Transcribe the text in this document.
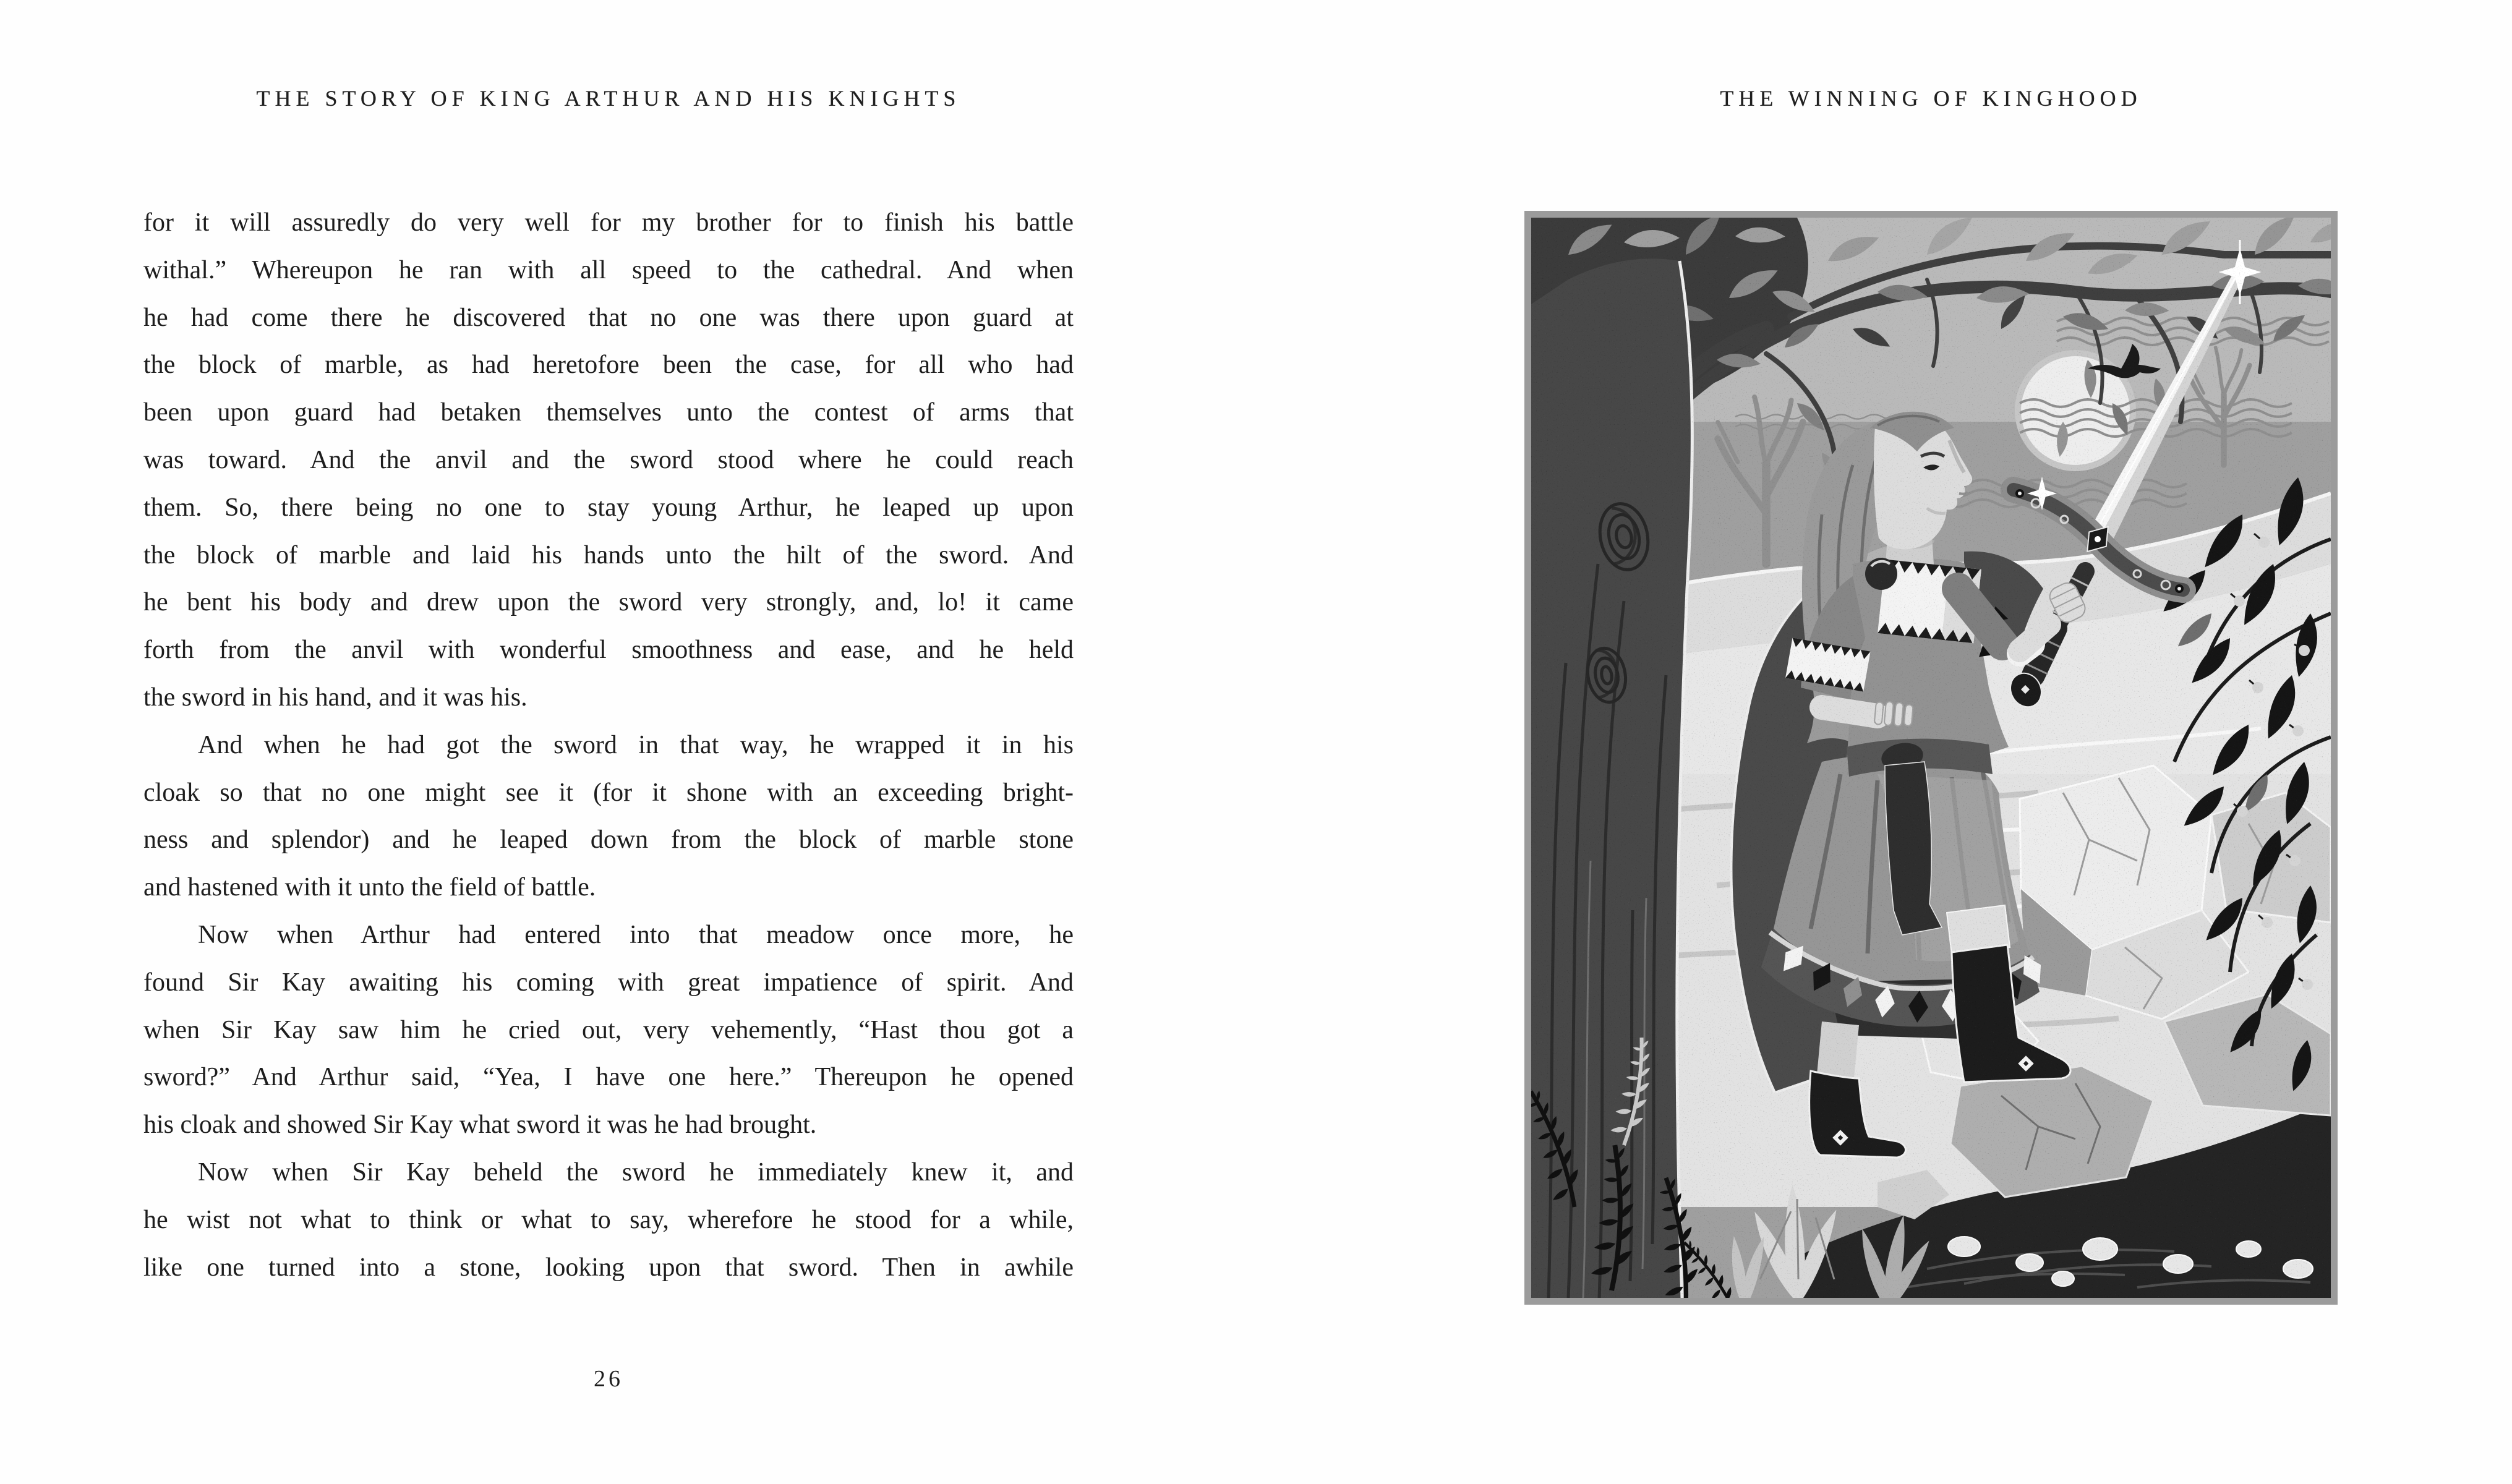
THE STORY OF KING ARTHUR AND HIS KNIGHTS	THE WINNING OF KINGHOOD
for it will assuredly do very well for my brother for to finish his battle
withal.” Whereupon he ran with all speed to the cathedral. And when
he had come there he discovered that no one was there upon guard at
the block of marble, as had heretofore been the case, for all who had
been upon guard had betaken themselves unto the contest of arms that
was toward. And the anvil and the sword stood where he could reach
them. So, there being no one to stay young Arthur, he leaped up upon
the block of marble and laid his hands unto the hilt of the sword. And
he bent his body and drew upon the sword very strongly, and, lo! it came
forth from the anvil with wonderful smoothness and ease, and he held
the sword in his hand, and it was his.
And when he had got the sword in that way, he wrapped it in his
cloak so that no one might see it (for it shone with an exceeding bright-
ness and splendor) and he leaped down from the block of marble stone
and hastened with it unto the field of battle.
Now when Arthur had entered into that meadow once more, he
found Sir Kay awaiting his coming with great impatience of spirit. And
when Sir Kay saw him he cried out, very vehemently, “Hast thou got a
sword?” And Arthur said, “Yea, I have one here.” Thereupon he opened
his cloak and showed Sir Kay what sword it was he had brought.
Now when Sir Kay beheld the sword he immediately knew it, and
he wist not what to think or what to say, wherefore he stood for a while,
like one turned into a stone, looking upon that sword. Then in awhile
26
